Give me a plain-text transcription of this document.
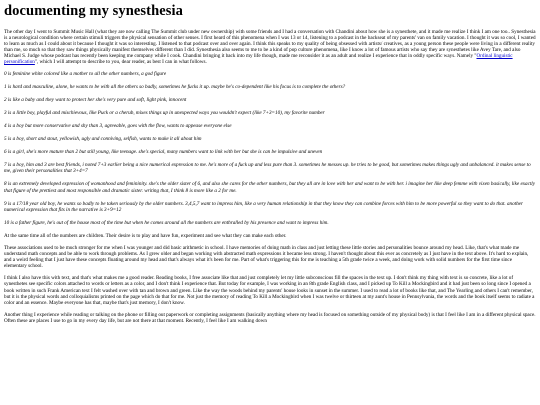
documenting my synesthesia

The other day I went to Summit Music Hall (what they are now calling The Summit club under new ownership) with some friends and I had a conversation with Chandini about how she is a synesthete, and it made me realize I think I am one too.. Synesthesia is a neurological condition where certain stimuli triggers the physical sensation of other senses. I first heard of this phenomena when I was 13 or 14, listening to a podcast in the backseat of my parents' van on family vacation. I thought it was so cool, I wanted to learn as much as I could about it because I thought it was so interesting. I listened to that podcast over and over again. I think this speaks to my quality of being obsessed with artists/ creatives, as a young person these people were living in a different reality than me, so much so that they saw things physically manifest themselves different than I did. Synesthesia also seems to me to be a kind of pop culture phenomena, like I know a lot of famous artists who say they are synesthetes like Avey Tare, and also Michael S. Judge whose podcast has recently been keeping me company while I cook. Chandini bringing it back into my life though, made me reconsider it as an adult and realize I experience that in oddly specific ways. Namely "Ordinal linguistic personification", which I will attempt to describe to you, dear reader, as best I can in what follows.

0 is feminine white colored like a mother to all the other numbers, a god figure

1 is hard and masculine, alone, he wants to be with all the others so badly, sometimes he fucks it up. maybe he's co-dependent like his focus is to complete the others?

2 is like a baby and they want to protect her she's very pure and soft, light pink, innocent

3 is a little boy, playful and mischievous, like Puck or a cherub, mixes things up in unexpected ways you wouldn't expect (like 7+3=10), my favorite number

4 is a boy but more conservative and shy than 3, agreeable, goes with the flow, wants to appease everyone else

5 is a boy, short and stout, yellowish, ugly and conniving, selfish, wants to make it all about him

6 is a girl, she's more mature than 2 but still young, like teenage. she's special, many numbers want to link with her but she is can be impulsive and uneven

7 is a boy, him and 3 are best friends, i noted 7+3 earlier being a nice numerical expression to me. he's more of a fuck up and less pure than 3. sometimes he messes up. he tries to be good, but sometimes makes things ugly and unbalanced. it makes sense to me, given their personalities that 3+4=7

8 is an extremely developed expression of womanhood and femininity. she's the older sister of 6, and also she cares for the other numbers, but they all are in love with her and want to be with her. i imagine her like deep femme with vixen basically, like exactly that figure of the prettiest and most responsible and dramatic sister. writing that, I think 8 is more like a 2 for me.

9 is a 17/18 year old boy, he wants so badly to be taken seriously by the older numbers. 3,4,5,7 want to impress him, like a very human relationship in that they know they can combine forces with him to be more powerful so they want to do that. another numerical expression that fits in the narrative is 3+9=12

10 is a father figure, he's out of the house most of the time but when he comes around all the numbers are enthralled by his presence and want to impress him.

At the same time all of the numbers are children. Their desire is to play and have fun, experiment and see what they can make each other.

These associations used to be much stronger for me when I was younger and did basic arithmetic in school. I have memories of doing math in class and just letting these little stories and personalities bounce around my head. Like, that's what made me understand math concepts and be able to work through problems. As I grew older and began working with abstracted math expressions it became less strong. I haven't thought about this ever as concretely as I just have in the text above. It's hard to explain, and a weird feeling that I just have these concepts floating around my head and that's always what it's been for me. Part of what's triggering this for me is teaching a 5th grade twice a week, and doing work with solid numbers for the first time since elementary school.

I think I also have this with text, and that's what makes me a good reader. Reading books, I free associate like that and just completely let my little subconscious fill the spaces in the text up. I don't think my thing with text is so concrete, like a lot of synesthetes see specific colors attached to words or letters as a color, and I don't think I experience that. But today for example, I was working in an 8th grade English class, and I picked up To Kill a Mockingbird and it had just been so long since I opened a book written in such Frank American text I felt washed over with tan and brown and green. Like the way the woods behind my parents' house looks in sunset in the summer. I used to read a lot of books like that, and The Yearling and others I can't remember, but it is the physical words and colloquialisms printed on the page which do that for me. Not just the memory of reading To Kill a Mockingbird when I was twelve or thirteen at my aunt's house in Pennsylvania, the words and the book itself seems to radiate a color and an essence. Maybe everyone has that, maybe that's just memory, I don't know.

Another thing I experience while reading or talking on the phone or filling out paperwork or completing assignments (basically anything where my head is focused on something outside of my physical body) is that I feel like I am in a different physical space. Often these are places I use to go in my every day life, but are not there at that moment. Recently, I feel like I am walking down
